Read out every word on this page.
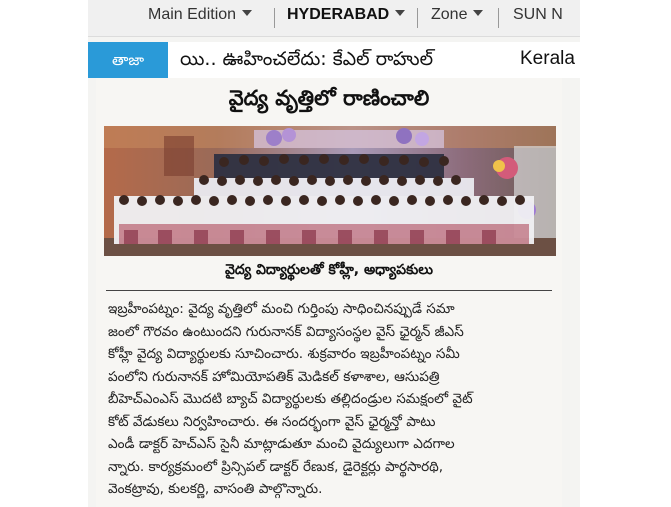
Main Edition	HYDERABAD	Zone	SUN N
తాజా	యి.. ఊహించలేదు: కేఎల్ రాహుల్	Kerala
వైద్య వృత్తిలో రాణించాలి
వైద్య విద్యార్థులతో కోహ్లీ, అధ్యాపకులు
ఇబ్రహీంపట్నం: వైద్య వృత్తిలో మంచి గుర్తింపు సాధించినప్పుడే సమా
జంలో గౌరవం ఉంటుందని గురునానక్ విద్యాసంస్థల వైస్ ఛైర్మన్ జీఎస్
కోహ్లీ వైద్య విద్యార్థులకు సూచించారు. శుక్రవారం ఇబ్రహీంపట్నం సమీ
పంలోని గురునానక్ హోమియోపతిక్ మెడికల్ కళాశాల, ఆసుపత్రి
బీహెచ్ఎంఎస్ మొదటి బ్యాచ్ విద్యార్థులకు తల్లిదండ్రుల సమక్షంలో వైట్
కోట్ వేడుకలు నిర్వహించారు. ఈ సందర్భంగా వైస్ ఛైర్మన్తో పాటు
ఎండీ డాక్టర్ హెచ్ఎస్ సైనీ మాట్లాడుతూ మంచి వైద్యులుగా ఎదగాల
న్నారు. కార్యక్రమంలో ప్రిన్సిపల్ డాక్టర్ రేణుక, డైరెక్టర్లు పార్థసారథి,
వెంకట్రావు, కులకర్ణి, వాసంతి పాల్గొన్నారు.
